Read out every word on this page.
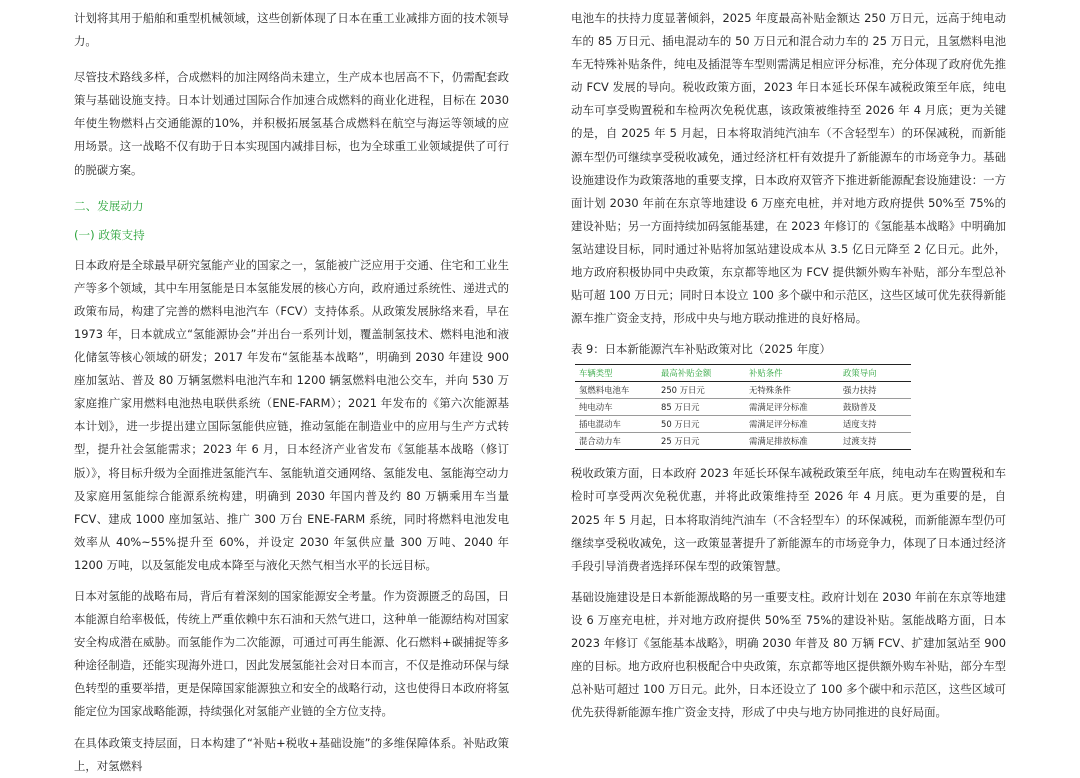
计划将其用于船舶和重型机械领域，这些创新体现了日本在重工业减排方面的技术领导力。

尽管技术路线多样，合成燃料的加注网络尚未建立，生产成本也居高不下，仍需配套政策与基础设施支持。日本计划通过国际合作加速合成燃料的商业化进程，目标在 2030 年使生物燃料占交通能源的10%，并积极拓展氢基合成燃料在航空与海运等领域的应用场景。这一战略不仅有助于日本实现国内减排目标，也为全球重工业领域提供了可行的脱碳方案。

二、发展动力
(一) 政策支持

日本政府是全球最早研究氢能产业的国家之一，氢能被广泛应用于交通、住宅和工业生产等多个领域，其中车用氢能是日本氢能发展的核心方向，政府通过系统性、递进式的政策布局，构建了完善的燃料电池汽车（FCV）支持体系。从政策发展脉络来看，早在 1973 年，日本就成立“氢能源协会”并出台一系列计划，覆盖制氢技术、燃料电池和液化储氢等核心领域的研发；2017 年发布“氢能基本战略”，明确到 2030 年建设 900 座加氢站、普及 80 万辆氢燃料电池汽车和 1200 辆氢燃料电池公交车，并向 530 万家庭推广家用燃料电池热电联供系统（ENE-FARM）；2021 年发布的《第六次能源基本计划》，进一步提出建立国际氢能供应链，推动氢能在制造业中的应用与生产方式转型，提升社会氢能需求；2023 年 6 月，日本经济产业省发布《氢能基本战略（修订版）》，将目标升级为全面推进氢能汽车、氢能轨道交通网络、氢能发电、氢能海空动力及家庭用氢能综合能源系统构建，明确到 2030 年国内普及约 80 万辆乘用车当量 FCV、建成 1000 座加氢站、推广 300 万台 ENE-FARM 系统，同时将燃料电池发电效率从 40%~55%提升至 60%，并设定 2030 年氢供应量 300 万吨、2040 年 1200 万吨，以及氢能发电成本降至与液化天然气相当水平的长远目标。

日本对氢能的战略布局，背后有着深刻的国家能源安全考量。作为资源匮乏的岛国，日本能源自给率极低，传统上严重依赖中东石油和天然气进口，这种单一能源结构对国家安全构成潜在威胁。而氢能作为二次能源，可通过可再生能源、化石燃料+碳捕捉等多种途径制造，还能实现海外进口，因此发展氢能社会对日本而言，不仅是推动环保与绿色转型的重要举措，更是保障国家能源独立和安全的战略行动，这也使得日本政府将氢能定位为国家战略能源，持续强化对氢能产业链的全方位支持。

在具体政策支持层面，日本构建了“补贴+税收+基础设施”的多维保障体系。补贴政策上，对氢燃料

电池车的扶持力度显著倾斜，2025 年度最高补贴金额达 250 万日元，远高于纯电动车的 85 万日元、插电混动车的 50 万日元和混合动力车的 25 万日元，且氢燃料电池车无特殊补贴条件，纯电及插混等车型则需满足相应评分标准，充分体现了政府优先推动 FCV 发展的导向。税收政策方面，2023 年日本延长环保车减税政策至年底，纯电动车可享受购置税和车检两次免税优惠，该政策被维持至 2026 年 4 月底；更为关键的是，自 2025 年 5 月起，日本将取消纯汽油车（不含轻型车）的环保减税，而新能源车型仍可继续享受税收减免，通过经济杠杆有效提升了新能源车的市场竞争力。基础设施建设作为政策落地的重要支撑，日本政府双管齐下推进新能源配套设施建设：一方面计划 2030 年前在东京等地建设 6 万座充电桩，并对地方政府提供 50%至 75%的建设补贴；另一方面持续加码氢能基建，在 2023 年修订的《氢能基本战略》中明确加氢站建设目标，同时通过补贴将加氢站建设成本从 3.5 亿日元降至 2 亿日元。此外，地方政府积极协同中央政策，东京都等地区为 FCV 提供额外购车补贴，部分车型总补贴可超 100 万日元；同时日本设立 100 多个碳中和示范区，这些区域可优先获得新能源车推广资金支持，形成中央与地方联动推进的良好格局。

表 9：日本新能源汽车补贴政策对比（2025 年度）
车辆类型	最高补贴金额	补贴条件	政策导向
氢燃料电池车	250 万日元	无特殊条件	强力扶持
纯电动车	85 万日元	需满足评分标准	鼓励普及
插电混动车	50 万日元	需满足评分标准	适度支持
混合动力车	25 万日元	需满足排放标准	过渡支持

税收政策方面，日本政府 2023 年延长环保车减税政策至年底，纯电动车在购置税和车检时可享受两次免税优惠，并将此政策维持至 2026 年 4 月底。更为重要的是，自 2025 年 5 月起，日本将取消纯汽油车（不含轻型车）的环保减税，而新能源车型仍可继续享受税收减免，这一政策显著提升了新能源车的市场竞争力，体现了日本通过经济手段引导消费者选择环保车型的政策智慧。

基础设施建设是日本新能源战略的另一重要支柱。政府计划在 2030 年前在东京等地建设 6 万座充电桩，并对地方政府提供 50%至 75%的建设补贴。氢能战略方面，日本 2023 年修订《氢能基本战略》，明确 2030 年普及 80 万辆 FCV、扩建加氢站至 900 座的目标。地方政府也积极配合中央政策，东京都等地区提供额外购车补贴，部分车型总补贴可超过 100 万日元。此外，日本还设立了 100 多个碳中和示范区，这些区域可优先获得新能源车推广资金支持，形成了中央与地方协同推进的良好局面。
